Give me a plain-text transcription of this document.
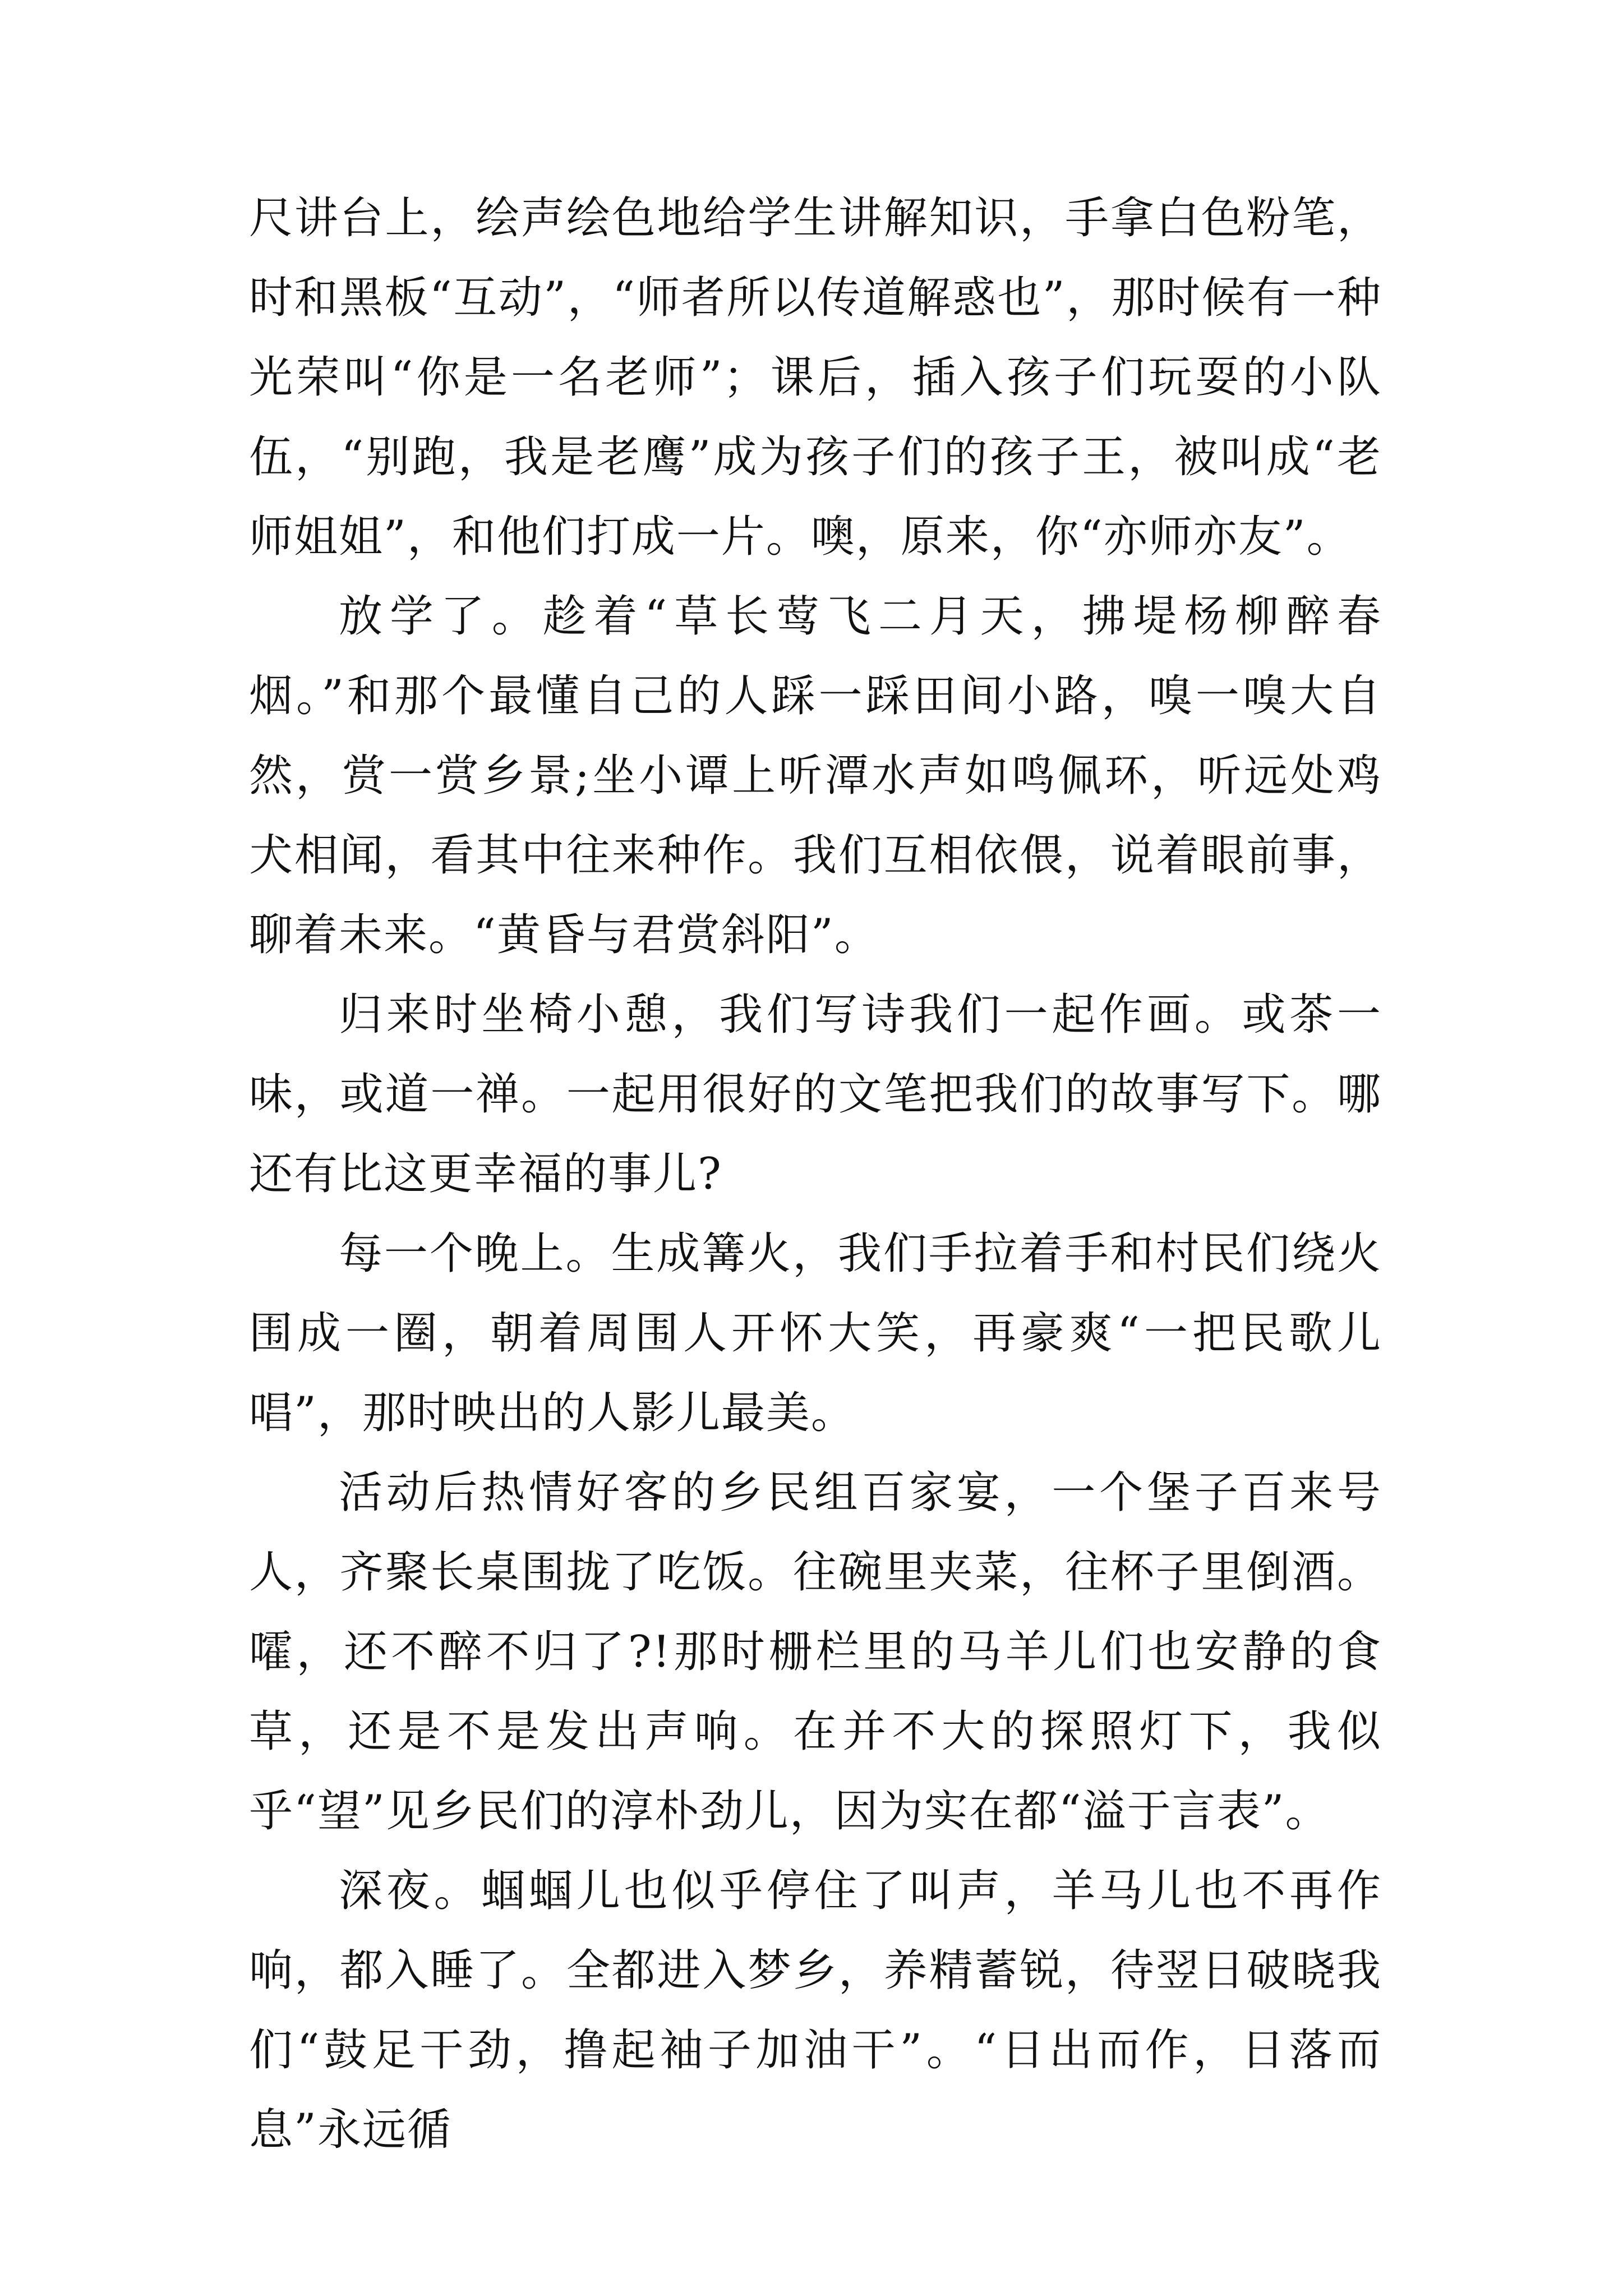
尺讲台上，绘声绘色地给学生讲解知识，手拿白色粉笔，时和黑板“互动”，“师者所以传道解惑也”，那时候有一种光荣叫“你是一名老师”；课后，插入孩子们玩耍的小队伍，“别跑，我是老鹰”成为孩子们的孩子王，被叫成“老师姐姐”，和他们打成一片。噢，原来，你“亦师亦友”。

放学了。趁着“草长莺飞二月天，拂堤杨柳醉春烟。”和那个最懂自己的人踩一踩田间小路，嗅一嗅大自然，赏一赏乡景;坐小谭上听潭水声如鸣佩环，听远处鸡犬相闻，看其中往来种作。我们互相依偎，说着眼前事，聊着未来。“黄昏与君赏斜阳”。

归来时坐椅小憩，我们写诗我们一起作画。或茶一味，或道一禅。一起用很好的文笔把我们的故事写下。哪还有比这更幸福的事儿?

每一个晚上。生成篝火，我们手拉着手和村民们绕火围成一圈，朝着周围人开怀大笑，再豪爽“一把民歌儿唱”，那时映出的人影儿最美。

活动后热情好客的乡民组百家宴，一个堡子百来号人，齐聚长桌围拢了吃饭。往碗里夹菜，往杯子里倒酒。嚯，还不醉不归了?!那时栅栏里的马羊儿们也安静的食草，还是不是发出声响。在并不大的探照灯下，我似乎“望”见乡民们的淳朴劲儿，因为实在都“溢于言表”。

深夜。蝈蝈儿也似乎停住了叫声，羊马儿也不再作响，都入睡了。全都进入梦乡，养精蓄锐，待翌日破晓我们“鼓足干劲，撸起袖子加油干”。“日出而作，日落而息”永远循
